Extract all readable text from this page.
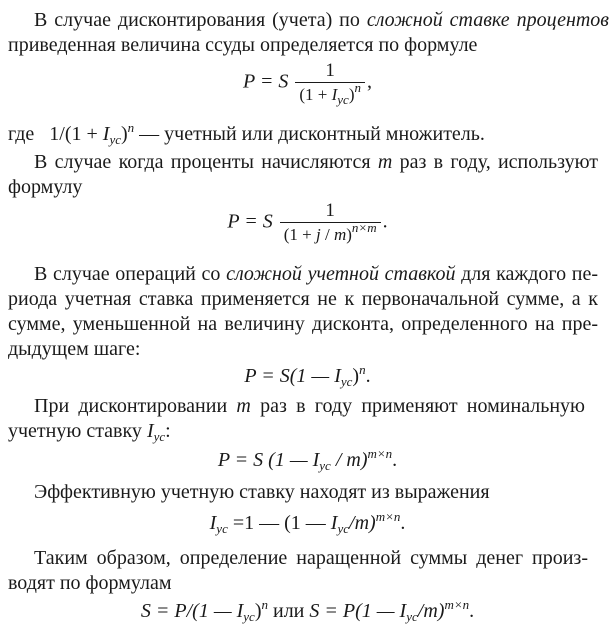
В случае дисконтирования (учета) по сложной ставке процентов
приведенная величина ссуды определяется по формуле
P = S $\frac{1}{(1 + I_{ус})^n}$ ,
где $1/(1 + I_{ус})^n$ — учетный или дисконтный множитель.
В случае когда проценты начисляются m раз в году, используют
формулу
P = S $\frac{1}{(1 + j / m)^{n\times m}}$ .
В случае операций со сложной учетной ставкой для каждого пе-
риода учетная ставка применяется не к первоначальной сумме, а к
сумме, уменьшенной на величину дисконта, определенного на пре-
дыдущем шаге:
P = S(1 — $I_{ус})^n$.
При дисконтировании m раз в году применяют номинальную
учетную ставку $I_{ус}$:
P = S (1 — $I_{ус} / m)^{m\times n}$.
Эффективную учетную ставку находят из выражения
$I_{ус} =1$ — (1 — $I_{ус}/m)^{m\times n}$.
Таким образом, определение наращенной суммы денег произ-
водят по формулам
S = P/(1 — $I_{ус})^n$ или S = P(1 — $I_{ус}/m)^{m\times n}$.
